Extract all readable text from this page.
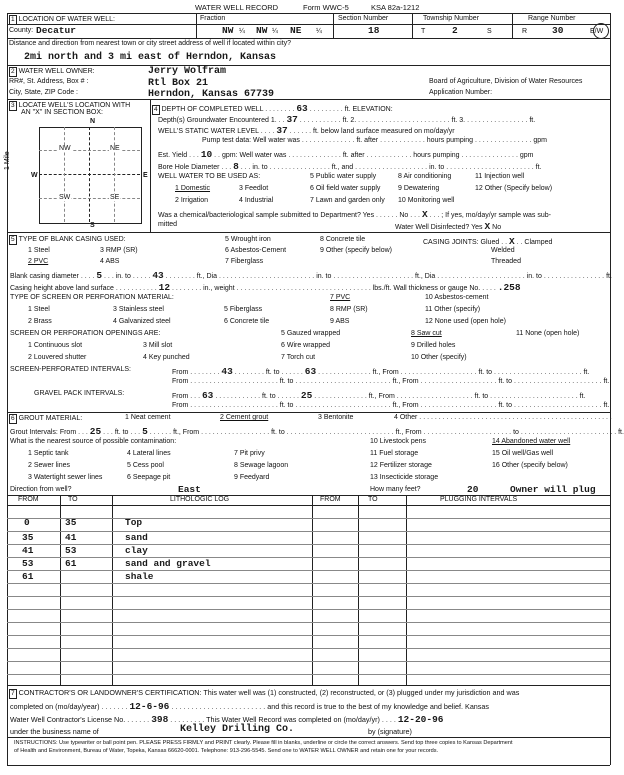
WATER WELL RECORD	Form WWC-5	KSA 82a-1212
1 LOCATION OF WATER WELL:	Fraction	Section Number	Township Number	Range Number
County: Decatur	NW ¼ NW ¼ NE ¼	18	T	2	S	R	30	E/W
Distance and direction from nearest town or city street address of well if located within city?
2mi north and 3 mi east of Herndon, Kansas
2 WATER WELL OWNER:
RR#, St. Address, Box # :
City, State, ZIP Code :
Jerry Wolfram
Rtl Box 21
Herndon, Kansas 67739
Board of Agriculture, Division of Water Resources
Application Number:
3 LOCATE WELL'S LOCATION WITH
AN "X" IN SECTION BOX:
N
S
W	E
1 Mile
NW	NE
SW	SE
4 DEPTH OF COMPLETED WELL . . . . . . . . 63 . . . . . . . . . ft. ELEVATION:
Depth(s) Groundwater Encountered 1. . . 37 . . . . . . . . . . . ft. 2. . . . . . . . . . . . . . . . . . . . . . . . . ft. 3. . . . . . . . . . . . . . . . . ft.
WELL'S STATIC WATER LEVEL . . . . 37 . . . . . . ft. below land surface measured on mo/day/yr
Pump test data: Well water was . . . . . . . . . . . . . . ft. after . . . . . . . . . . . . hours pumping . . . . . . . . . . . . . . . gpm
Est. Yield . . . 10 . . gpm: Well water was . . . . . . . . . . . . . . ft. after . . . . . . . . . . . . hours pumping . . . . . . . . . . . . . . . gpm
Bore Hole Diameter . . . 8 . . . in. to . . . . . . . . . . . . . . . . ft., and . . . . . . . . . . . . . . . . . . . in. to . . . . . . . . . . . . . . . . . . . . . . . ft.
WELL WATER TO BE USED AS:	5 Public water supply	8 Air conditioning	11 Injection well
1 Domestic	3 Feedlot	6 Oil field water supply	9 Dewatering	12 Other (Specify below)
2 Irrigation	4 Industrial	7 Lawn and garden only 10 Monitoring well
Was a chemical/bacteriological sample submitted to Department? Yes . . . . . . No . . . X . . . ; If yes, mo/day/yr sample was sub-
mitted	Water Well Disinfected? Yes X No
5 TYPE OF BLANK CASING USED:	5 Wrought iron	8 Concrete tile	CASING JOINTS: Glued . . X . . Clamped
1 Steel	3 RMP (SR)	6 Asbestos-Cement	9 Other (specify below)	Welded
2 PVC	4 ABS	7 Fiberglass	Threaded
Blank casing diameter . . . . 5 . . . in. to . . . . . 43 . . . . . . . . ft., Dia . . . . . . . . . . . . . . . . . . . . . . . . . in. to . . . . . . . . . . . . . . . . . . . . . ft., Dia . . . . . . . . . . . . . . . . . . . . . . . in. to . . . . . . . . . . . . . . . . ft.
Casing height above land surface . . . . . . . . . . . 12 . . . . . . . . in., weight . . . . . . . . . . . . . . . . . . . . . . . . . . . . . . . . . . . lbs./ft. Wall thickness or gauge No. . . . . .258
TYPE OF SCREEN OR PERFORATION MATERIAL:	7 PVC	10 Asbestos-cement
1 Steel	3 Stainless steel	5 Fiberglass	8 RMP (SR)	11 Other (specify)
2 Brass	4 Galvanized steel	6 Concrete tile	9 ABS	12 None used (open hole)
SCREEN OR PERFORATION OPENINGS ARE:	5 Gauzed wrapped	8 Saw cut	11 None (open hole)
1 Continuous slot	3 Mill slot	6 Wire wrapped	9 Drilled holes
2 Louvered shutter	4 Key punched	7 Torch cut	10 Other (specify)
SCREEN-PERFORATED INTERVALS:	From . . . . . . . . 43 . . . . . . . . ft. to . . . . . . 63 . . . . . . . . . . . . . . ft., From . . . . . . . . . . . . . . . . . . . . ft. to . . . . . . . . . . . . . . . . . . . . . . . ft.
From . . . . . . . . . . . . . . . . . . . . . . . ft. to . . . . . . . . . . . . . . . . . . . . . . . . . ft., From . . . . . . . . . . . . . . . . . . . . ft. to . . . . . . . . . . . . . . . . . . . . . . . ft.
GRAVEL PACK INTERVALS:	From . . . 63 . . . . . . . . . . . . ft. to . . . . . . 25 . . . . . . . . . . . . . . ft., From . . . . . . . . . . . . . . . . . . . . ft. to . . . . . . . . . . . . . . . . . . . . . . . ft.
From . . . . . . . . . . . . . . . . . . . . . . . ft. to . . . . . . . . . . . . . . . . . . . . . . . . . ft., From . . . . . . . . . . . . . . . . . . . . ft. to . . . . . . . . . . . . . . . . . . . . . . . ft.
6 GROUT MATERIAL:	1 Neat cement	2 Cement grout	3 Bentonite	4 Other . . . . . . . . . . . . . . . . . . . . . . . . . . . . . . . . . . . . . . . . . . . . . . . . . .
Grout Intervals: From . . . 25 . . . ft. to . . . 5 . . . . . . ft., From . . . . . . . . . . . . . . . . . . ft. to . . . . . . . . . . . . . . . . . . . . . . . . . . . . ft., From . . . . . . . . . . . . . . . . . . . . . . . to . . . . . . . . . . . . . . . . . . . . . . . . . ft.
What is the nearest source of possible contamination:	10 Livestock pens	14 Abandoned water well
1 Septic tank	4 Lateral lines	7 Pit privy	11 Fuel storage	15 Oil well/Gas well
2 Sewer lines	5 Cess pool	8 Sewage lagoon	12 Fertilizer storage	16 Other (specify below)
3 Watertight sewer lines	6 Seepage pit	9 Feedyard	13 Insecticide storage
Direction from well?	East	How many feet?	20	Owner will plug
FROM	TO	LITHOLOGIC LOG	FROM	TO	PLUGGING INTERVALS
0	35	Top
35	41	sand
41	53	clay
53	61	sand and gravel
61	shale
7 CONTRACTOR'S OR LANDOWNER'S CERTIFICATION: This water well was (1) constructed, (2) reconstructed, or (3) plugged under my jurisdiction and was
completed on (mo/day/year) . . . . . . . 12-6-96 . . . . . . . . . . . . . . . . . . . . . . . . and this record is true to the best of my knowledge and belief. Kansas
Water Well Contractor's License No. . . . . . . 398 . . . . . . . . . This Water Well Record was completed on (mo/day/yr) . . . . 12-20-96
under the business name of	Kelley Drilling Co.	by (signature)
INSTRUCTIONS: Use typewriter or ball point pen. PLEASE PRESS FIRMLY and PRINT clearly. Please fill in blanks, underline or circle the correct answers. Send top three copies to Kansas Department
of Health and Environment, Bureau of Water, Topeka, Kansas 66620-0001. Telephone: 913-296-5545. Send one to WATER WELL OWNER and retain one for your records.
